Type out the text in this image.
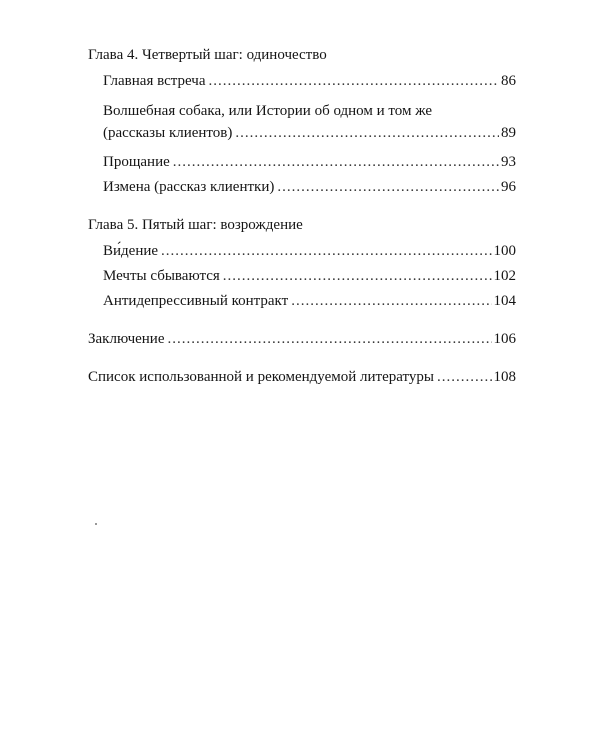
Глава 4. Четвертый шаг: одиночество
Главная встреча .....	86
Волшебная собака, или Истории об одном и том же
(рассказы клиентов) .....	89
Прощание .....	93
Измена (рассказ клиентки) .....	96
Глава 5. Пятый шаг: возрождение
Ви́дение .....	100
Мечты сбываются .....	102
Антидепрессивный контракт .....	104
Заключение .....	106
Список использованной и рекомендуемой литературы .....	108
